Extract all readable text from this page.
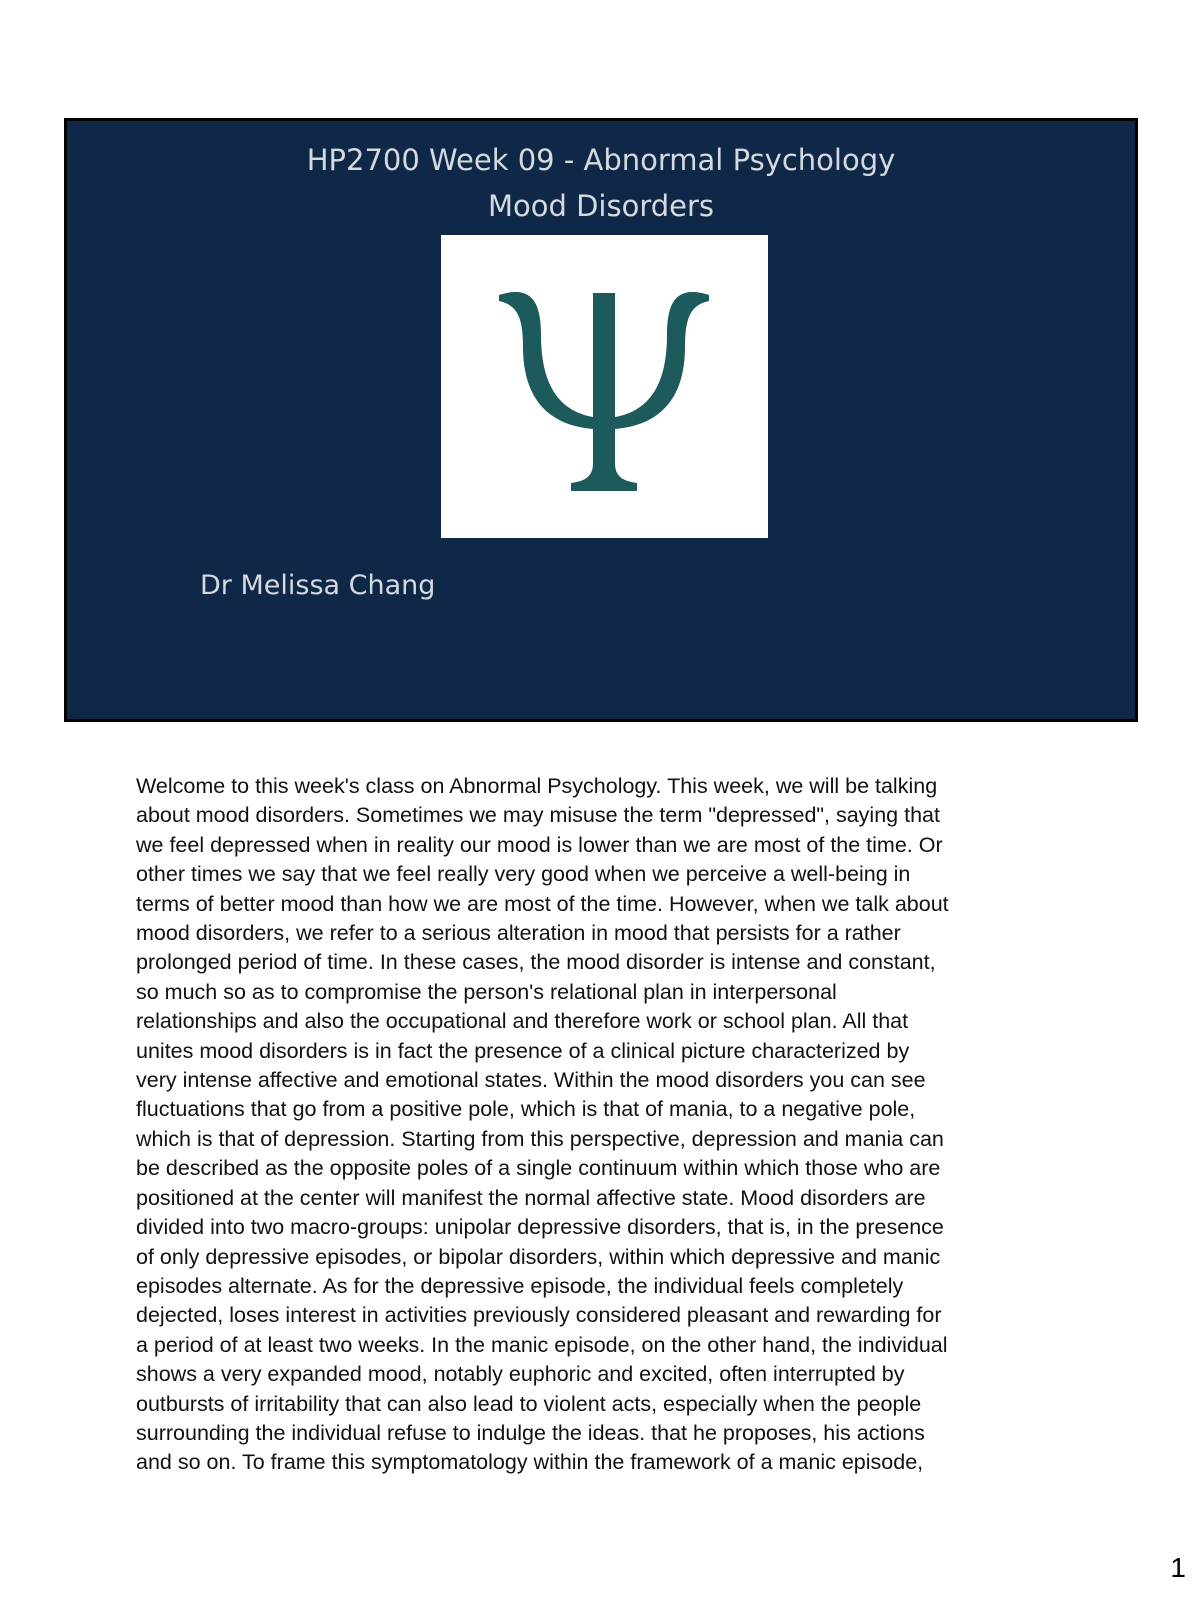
HP2700 Week 09 - Abnormal Psychology
Mood Disorders
Dr Melissa Chang
Welcome to this week's class on Abnormal Psychology. This week, we will be talking
about mood disorders. Sometimes we may misuse the term "depressed", saying that
we feel depressed when in reality our mood is lower than we are most of the time. Or
other times we say that we feel really very good when we perceive a well-being in
terms of better mood than how we are most of the time. However, when we talk about
mood disorders, we refer to a serious alteration in mood that persists for a rather
prolonged period of time. In these cases, the mood disorder is intense and constant,
so much so as to compromise the person's relational plan in interpersonal
relationships and also the occupational and therefore work or school plan. All that
unites mood disorders is in fact the presence of a clinical picture characterized by
very intense affective and emotional states. Within the mood disorders you can see
fluctuations that go from a positive pole, which is that of mania, to a negative pole,
which is that of depression. Starting from this perspective, depression and mania can
be described as the opposite poles of a single continuum within which those who are
positioned at the center will manifest the normal affective state. Mood disorders are
divided into two macro-groups: unipolar depressive disorders, that is, in the presence
of only depressive episodes, or bipolar disorders, within which depressive and manic
episodes alternate. As for the depressive episode, the individual feels completely
dejected, loses interest in activities previously considered pleasant and rewarding for
a period of at least two weeks. In the manic episode, on the other hand, the individual
shows a very expanded mood, notably euphoric and excited, often interrupted by
outbursts of irritability that can also lead to violent acts, especially when the people
surrounding the individual refuse to indulge the ideas. that he proposes, his actions
and so on. To frame this symptomatology within the framework of a manic episode,
1
